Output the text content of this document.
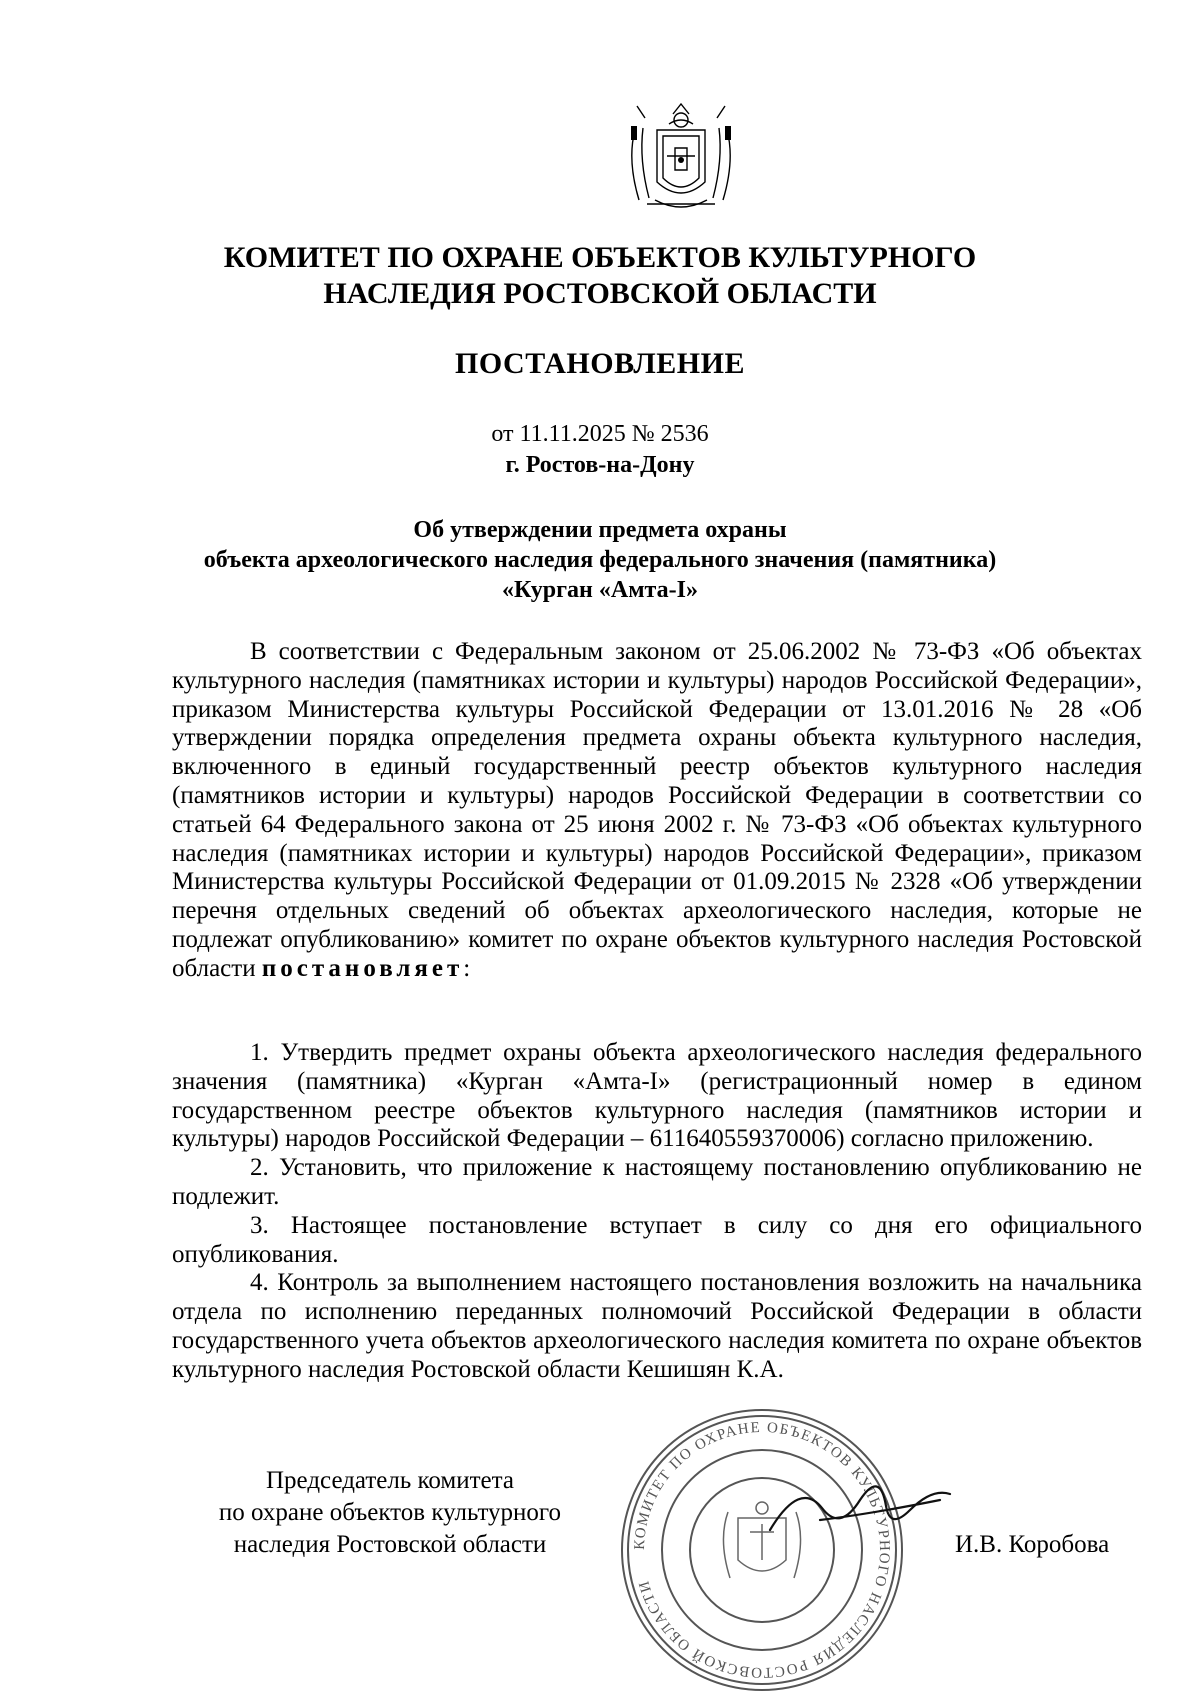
КОМИТЕТ ПО ОХРАНЕ ОБЪЕКТОВ КУЛЬТУРНОГО
НАСЛЕДИЯ РОСТОВСКОЙ ОБЛАСТИ
ПОСТАНОВЛЕНИЕ
от 11.11.2025 № 2536
г. Ростов-на-Дону
Об утверждении предмета охраны
объекта археологического наследия федерального значения (памятника)
«Курган «Амта-I»
В соответствии с Федеральным законом от 25.06.2002 № 73-ФЗ «Об объектах культурного наследия (памятниках истории и культуры) народов Российской Федерации», приказом Министерства культуры Российской Федерации от 13.01.2016 № 28 «Об утверждении порядка определения предмета охраны объекта культурного наследия, включенного в единый государственный реестр объектов культурного наследия (памятников истории и культуры) народов Российской Федерации в соответствии со статьей 64 Федерального закона от 25 июня 2002 г. № 73-ФЗ «Об объектах культурного наследия (памятниках истории и культуры) народов Российской Федерации», приказом Министерства культуры Российской Федерации от 01.09.2015 № 2328 «Об утверждении перечня отдельных сведений об объектах археологического наследия, которые не подлежат опубликованию» комитет по охране объектов культурного наследия Ростовской области постановляет:

1. Утвердить предмет охраны объекта археологического наследия федерального значения (памятника) «Курган «Амта-I» (регистрационный номер в едином государственном реестре объектов культурного наследия (памятников истории и культуры) народов Российской Федерации – 611640559370006) согласно приложению.

2. Установить, что приложение к настоящему постановлению опубликованию не подлежит.

3. Настоящее постановление вступает в силу со дня его официального опубликования.

4. Контроль за выполнением настоящего постановления возложить на начальника отдела по исполнению переданных полномочий Российской Федерации в области государственного учета объектов археологического наследия комитета по охране объектов культурного наследия Ростовской области Кешишян К.А.

Председатель комитета
по охране объектов культурного
наследия Ростовской области	КОМИТЕТ ПО ОХРАНЕ ОБЪЕКТОВ КУЛЬТУРНОГО НАСЛЕДИЯ РОСТОВСКОЙ ОБЛАСТИ
И.В. Коробова
